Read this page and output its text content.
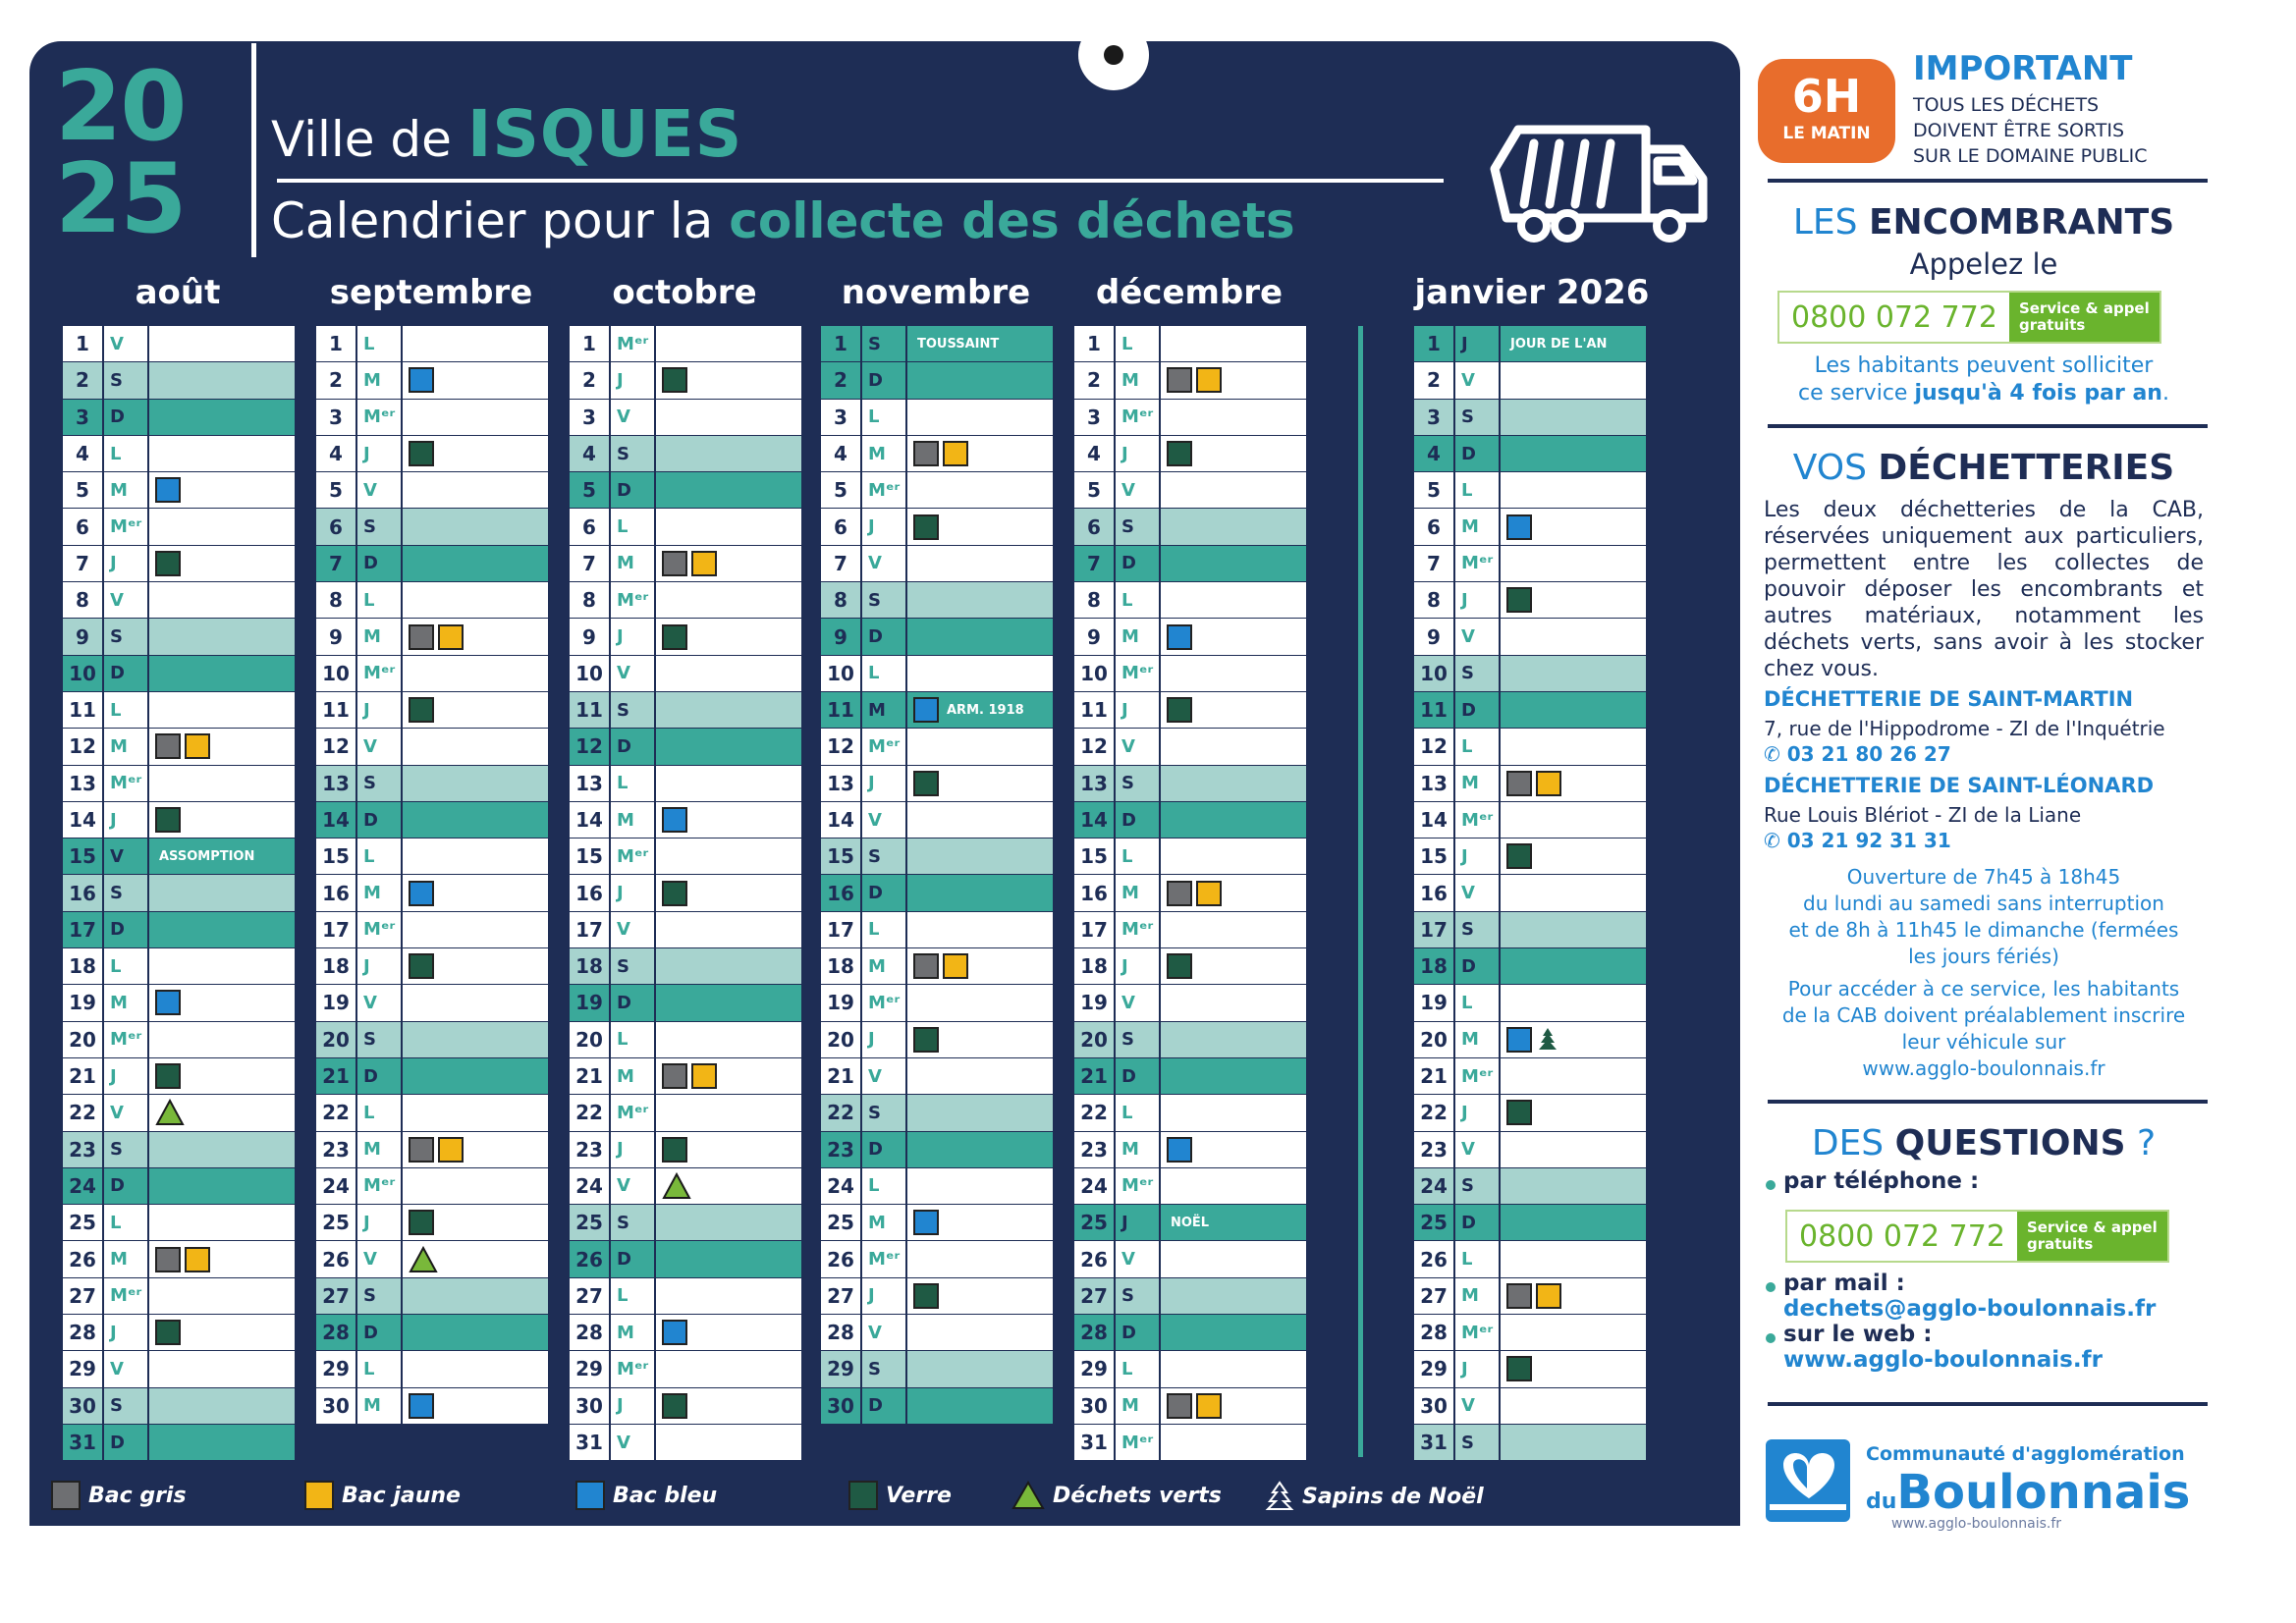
20
25
Ville de ISQUES
Calendrier pour la collecte des déchets
août	septembre	octobre	novembre	décembre	janvier 2026
1	V
2	S
3	D
4	L
5	M
6	Mᵉʳ
7	J
8	V
9	S
10 D
11 L
12 M
13 Mᵉʳ
14 J
15 V	ASSOMPTION
16 S
17 D
18 L
19 M
20 Mᵉʳ
21 J
22 V
23 S
24 D
25 L
26 M
27 Mᵉʳ
28 J
29 V
30 S
31 D
1	L
2	M
3	Mᵉʳ
4	J
5	V
6	S
7	D
8	L
9	M
10 Mᵉʳ
11 J
12 V
13 S
14 D
15 L
16 M
17 Mᵉʳ
18 J
19 V
20 S
21 D
22 L
23 M
24 Mᵉʳ
25 J
26 V
27 S
28 D
29 L
30 M
1	Mᵉʳ
2	J
3	V
4	S
5	D
6	L
7	M
8	Mᵉʳ
9	J
10 V
11 S
12 D
13 L
14 M
15 Mᵉʳ
16 J
17 V
18 S
19 D
20 L
21 M
22 Mᵉʳ
23 J
24 V
25 S
26 D
27 L
28 M
29 Mᵉʳ
30 J
31 V
1	S	TOUSSAINT
2	D
3	L
4	M
5	Mᵉʳ
6	J
7	V
8	S
9	D
10 L
11 M	ARM. 1918
12 Mᵉʳ
13 J
14 V
15 S
16 D
17 L
18 M
19 Mᵉʳ
20 J
21 V
22 S
23 D
24 L
25 M
26 Mᵉʳ
27 J
28 V
29 S
30 D
1	L
2	M
3	Mᵉʳ
4	J
5	V
6	S
7	D
8	L
9	M
10 Mᵉʳ
11 J
12 V
13 S
14 D
15 L
16 M
17 Mᵉʳ
18 J
19 V
20 S
21 D
22 L
23 M
24 Mᵉʳ
25 J	NOËL
26 V
27 S
28 D
29 L
30 M
31 Mᵉʳ
1	J	JOUR DE L'AN
2	V
3	S
4	D
5	L
6	M
7	Mᵉʳ
8	J
9	V
10 S
11 D
12 L
13 M
14 Mᵉʳ
15 J
16 V
17 S
18 D
19 L
20 M
21 Mᵉʳ
22 J
23 V
24 S
25 D
26 L
27 M
28 Mᵉʳ
29 J
30 V
31 S
Bac gris	Bac jaune	Bac bleu	Verre	Déchets verts	Sapins de Noël
6H
LE MATIN
IMPORTANT
TOUS LES DÉCHETS
DOIVENT ÊTRE SORTIS
SUR LE DOMAINE PUBLIC
LES ENCOMBRANTS
Appelez le
0800 072 772	Service & appel
gratuits
Les habitants peuvent solliciter
ce service jusqu'à 4 fois par an.
VOS DÉCHETTERIES
Les deux déchetteries de la CAB, réservées uniquement aux particuliers, permettent entre les collectes de pouvoir déposer les encombrants et autres matériaux, notamment les déchets verts, sans avoir à les stocker chez vous.
DÉCHETTERIE DE SAINT-MARTIN
7, rue de l'Hippodrome - ZI de l'Inquétrie
✆ 03 21 80 26 27
DÉCHETTERIE DE SAINT-LÉONARD
Rue Louis Blériot - ZI de la Liane
✆ 03 21 92 31 31
Ouverture de 7h45 à 18h45
du lundi au samedi sans interruption
et de 8h à 11h45 le dimanche (fermées
les jours fériés)
Pour accéder à ce service, les habitants
de la CAB doivent préalablement inscrire
leur véhicule sur
www.agglo-boulonnais.fr
DES QUESTIONS ?
par téléphone :
0800 072 772	Service & appel
gratuits
par mail :
dechets@agglo-boulonnais.fr
sur le web :
www.agglo-boulonnais.fr
Communauté d'agglomération
duBoulonnais
www.agglo-boulonnais.fr
